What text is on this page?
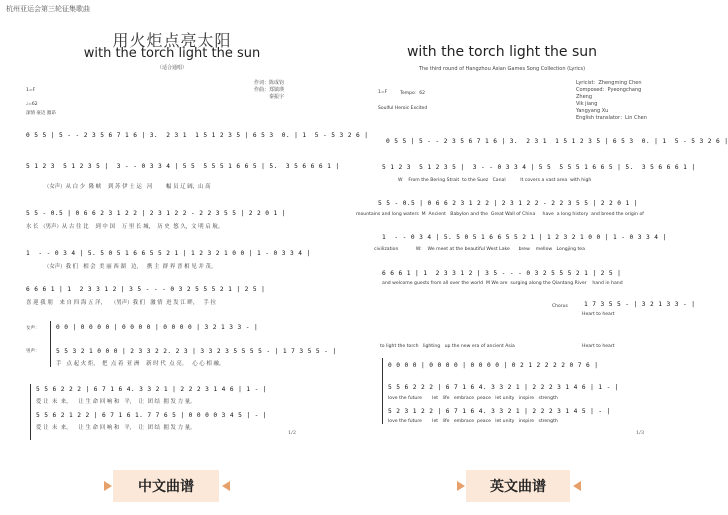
杭州亚运会第三轮征集歌曲
用火炬点亮太阳
with the torch light the sun
（适合通唱）
作词：陈成钧
作曲：郑镇瑛
秦振宇
1=F
♩=62
深情 豪迈 激昂
0 5 5 | 5 - - 2 3 5 6 7 1 6 | 3.  2 3 1  1 5 1 2 3 5 | 6 5 3  0. | 1  5 - 5 3 2 6 |
5 1 2 3  5 1 2 3 5 |  3 - - 0 3 3 4 | 5 5  5 5 5 1 6 6 5 | 5.  3 5 6 6 6 1 |
（女声）从 白 少  隆 峡    到 苏 伊 士 运   河        幅 员 辽 阔，山 高
5 5 - 0.5 | 0 6 6 2 3 1 2 2 | 2 3 1 2 2 - 2 2 3 5 5 | 2 2 0 1 |
水 长 （男声）从 古 往 比    到 中 国    万 里 长 城，  历 史  悠 久，文 明 启 航。
1  - - 0 3 4 | 5. 5 0 5 1 6 6 5 5 2 1 | 1 2 3 2 1 0 0 | 1 - 0 3 3 4 |
（女声）我 们   相 会  美 丽 西 湖   边，   携 主  群 界 晋 相 见 并 茂。
6 6 6 1 | 1  2 3 3 1 2 | 3 5 - - - 0 3 2 5 5 5 2 1 | 2 5 |
喜 迎 我 朋    来 自 四 海 五 洋，   （男声）我 们   激 情  迸 发 江 畔，   手 拉
女声：
男声：
0 0 | 0 0 0 0 | 0 0 0 0 | 0 0 0 0 | 3 2 1 3 3 - |
5 5 3 2 1 0 0 0 | 2 3 3 2 2. 2 3 | 3 3 2 3 5 5 5 5 - | 1 7 3 5 5 - |
手   点 起 火 炬，  把  点 着  亚 洲    新 时 代  点 亮。   心 心 相 融。
5 5 6 2 2 2 | 6 7 1 6 4. 3 3 2 1 | 2 2 2 3 1 4 6 | 1 - |
爱 让  未  来，    让 生 命 回 响 和   平，  让  团 结  拥 发 力 量。
5 5 6 2 1 2 2 | 6 7 1 6 1. 7 7 6 5 | 0 0 0 0 3 4 5 | - |
爱 让  未  来，    让 生 命 回 响 和   平，  让  团 结  拥 发 力 量。
1/2
with the torch light the sun
The third round of Hangzhou Asian Games Song Collection (Lyrics)
Lyricist：Zhengming Chen
Composed：Pyeongchang Zheng
Vik jiang
Yangyang Xu
English translator：Lin Chen
1=F	Tempo：62
Soulful Heroic Excited
0 5 5 | 5 - - 2 3 5 6 7 1 6 | 3.  2 3 1  1 5 1 2 3 5 | 6 5 3  0. | 1  5 - 5 3 2 6 |
5 1 2 3  5 1 2 3 5 |  3 - - 0 3 3 4 | 5 5  5 5 5 1 6 6 5 | 5.  3 5 6 6 6 1 |
W    From the Bering Strait  to the Suez   Canal          It covers a vast area  with high
5 5 - 0.5 | 0 6 6 2 3 1 2 2 | 2 3 1 2 2 - 2 2 3 5 5 | 2 2 0 1 |
mountains and long waters  M  Ancient   Babylon and the  Great Wall of China     have  a long history  and breed the origin of
1  - - 0 3 4 | 5. 5 0 5 1 6 6 5 5 2 1 | 1 2 3 2 1 0 0 | 1 - 0 3 3 4 |
civilization            W:    We meet at the beautiful West Lake      brew    mellow   Longjing tea
6 6 6 1 | 1  2 3 3 1 2 | 3 5 - - - 0 3 2 5 5 5 2 1 | 2 5 |
and welcome guests from all over the world  M We are  surging along the Qiantang River    hand in hand
Chorus	1 7 3 5 5 - | 3 2 1 3 3 - |
Heart to heart
to light the torch   lighting   up the new era of ancient Asia	Heart to heart
0 0 0 0 | 0 0 0 0 | 0 0 0 0 | 0 2 1 2 2 2 2 0 7 6 |
5 5 6 2 2 2 | 6 7 1 6 4. 3 3 2 1 | 2 2 2 3 1 4 6 | 1 - |
love the future       let   life   embrace  peace   let unity   inspire   strength
5 2 3 1 2 2 | 6 7 1 6 4. 3 3 2 1 | 2 2 2 3 1 4 5 | - |
love the future       let   life   embrace  peace   let unity   inspire   strength
1/3
中文曲谱	英文曲谱
